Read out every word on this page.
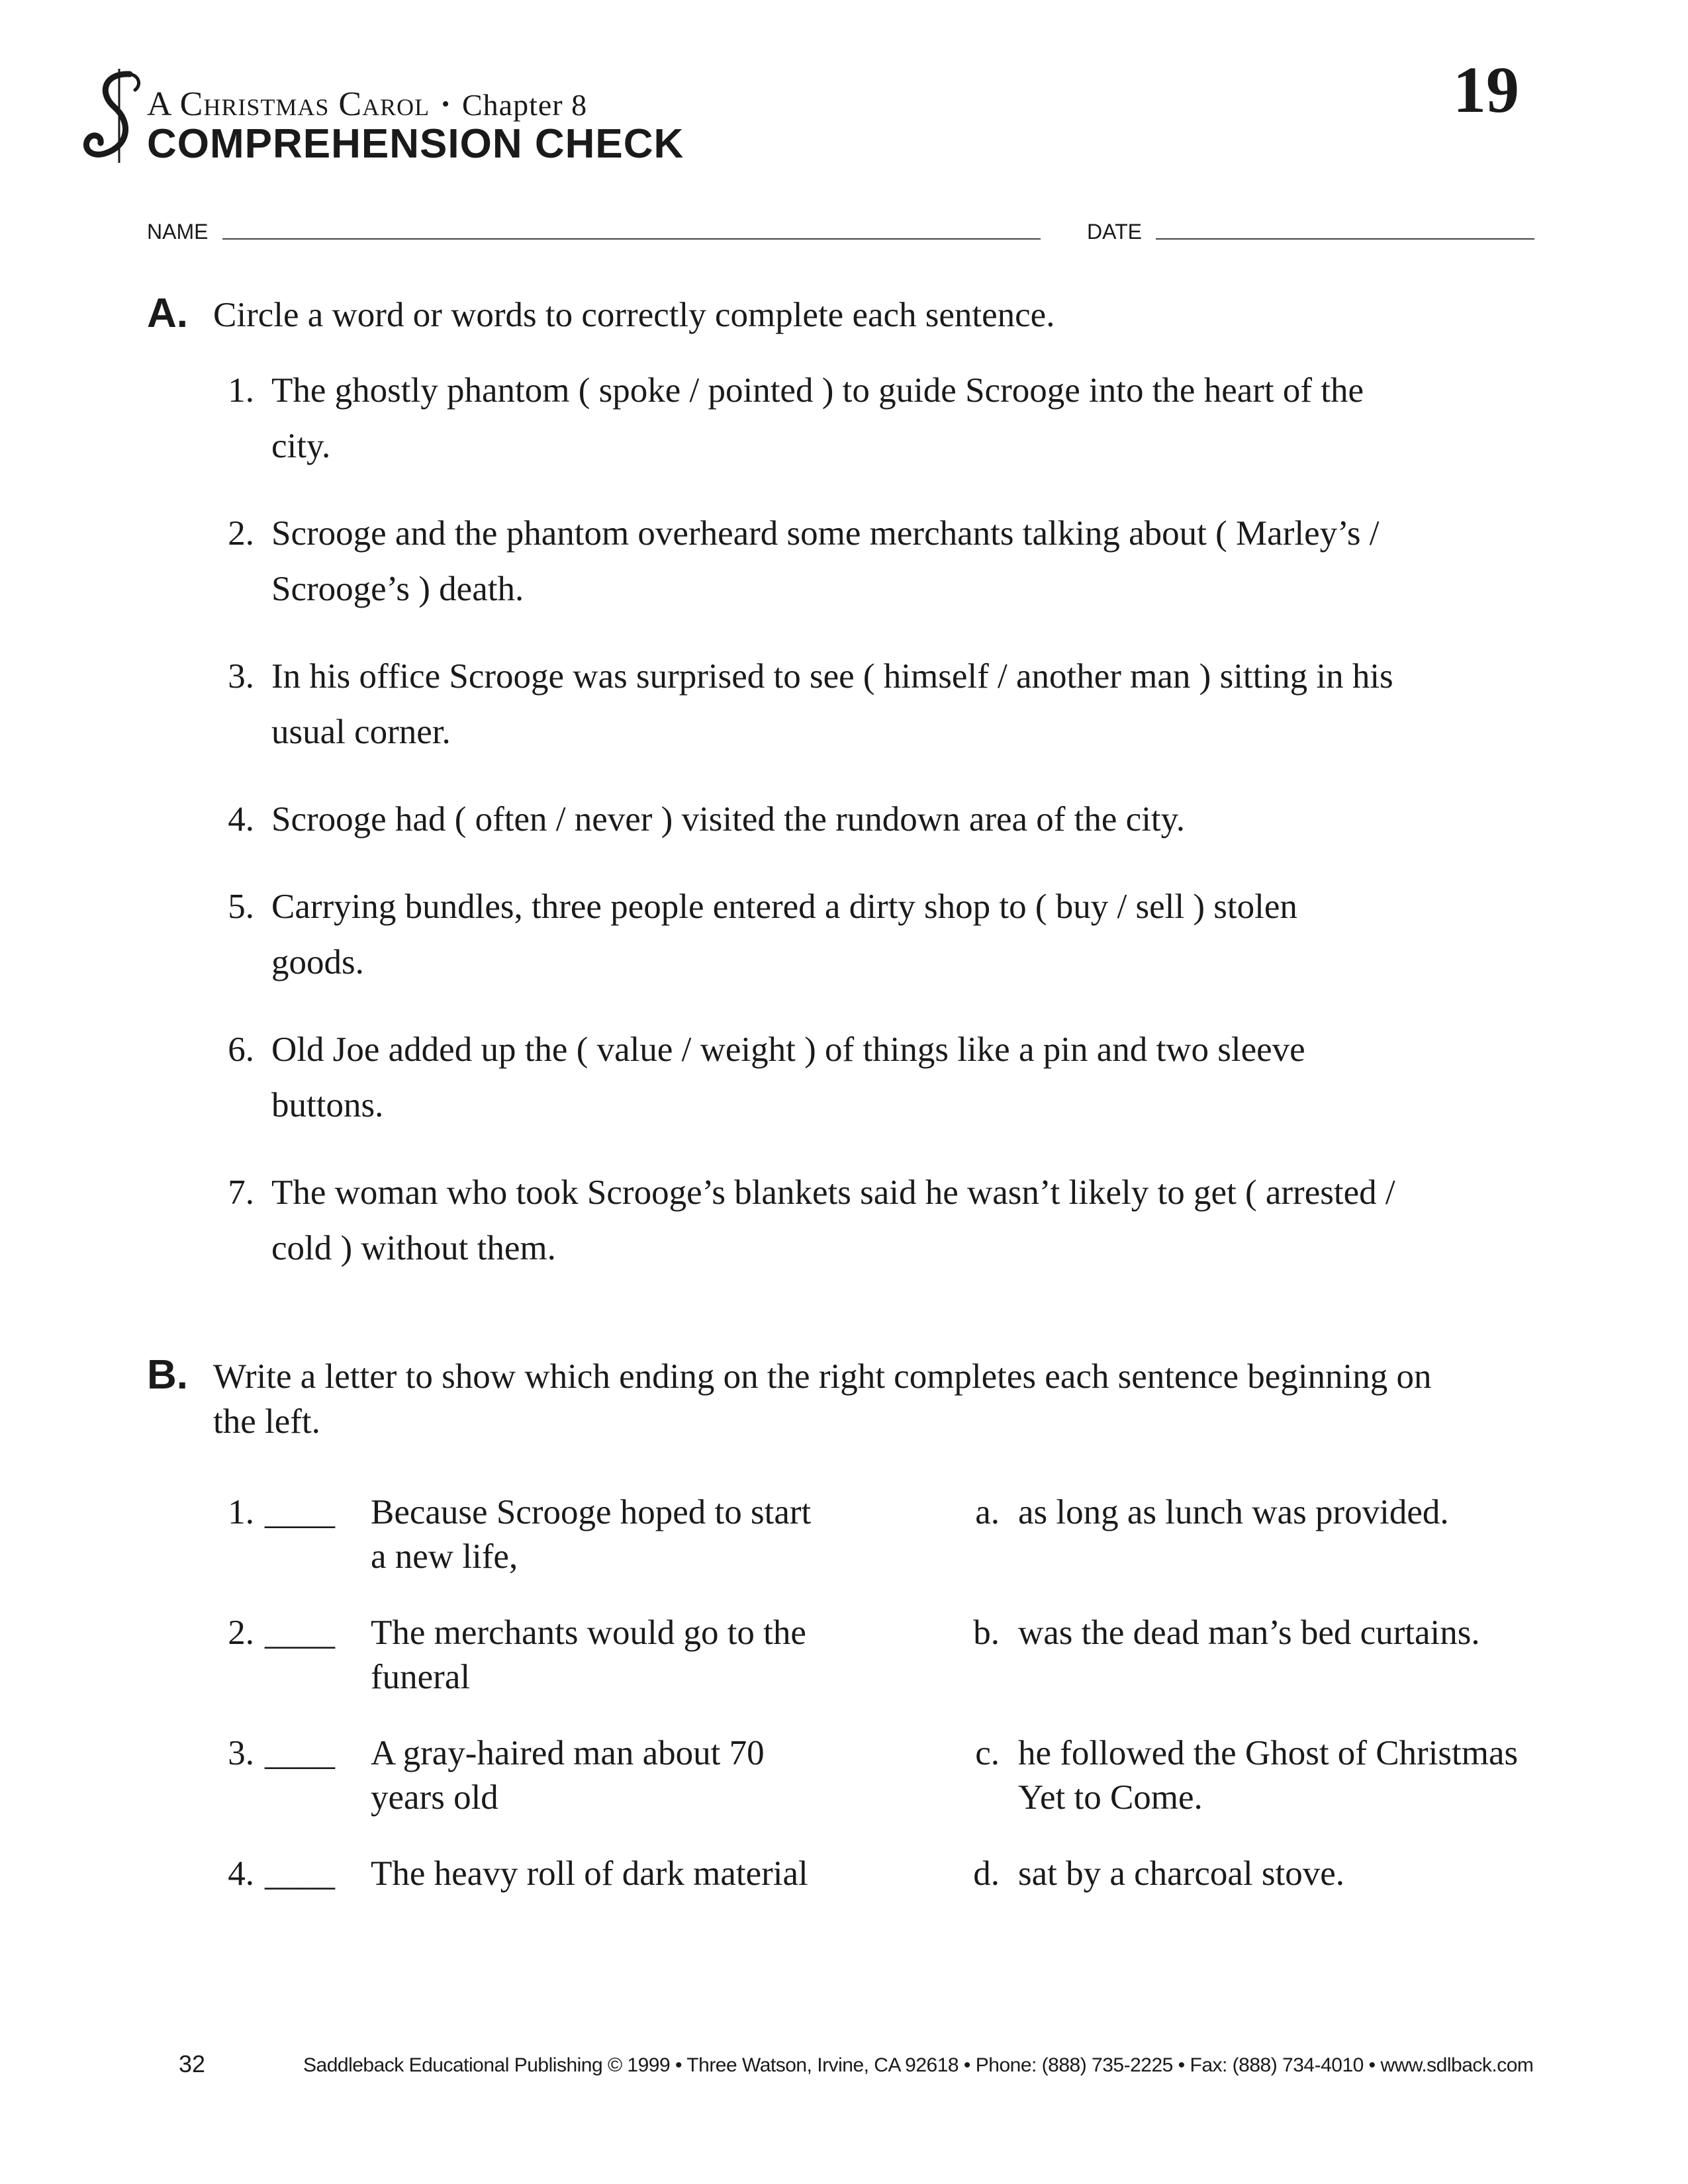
A Christmas Carol • Chapter 8
COMPREHENSION CHECK
19
NAME	DATE
A. Circle a word or words to correctly complete each sentence.
1. The ghostly phantom ( spoke / pointed ) to guide Scrooge into the heart of the city.
2. Scrooge and the phantom overheard some merchants talking about ( Marley’s / Scrooge’s ) death.
3. In his office Scrooge was surprised to see ( himself / another man ) sitting in his usual corner.
4. Scrooge had ( often / never ) visited the rundown area of the city.
5. Carrying bundles, three people entered a dirty shop to ( buy / sell ) stolen goods.
6. Old Joe added up the ( value / weight ) of things like a pin and two sleeve buttons.
7. The woman who took Scrooge’s blankets said he wasn’t likely to get ( arrested / cold ) without them.
B. Write a letter to show which ending on the right completes each sentence beginning on the left.
1. ____ Because Scrooge hoped to start a new life,
2. ____ The merchants would go to the funeral
3. ____ A gray-haired man about 70 years old
4. ____ The heavy roll of dark material
a. as long as lunch was provided.
b. was the dead man’s bed curtains.
c. he followed the Ghost of Christmas Yet to Come.
d. sat by a charcoal stove.
32	Saddleback Educational Publishing © 1999 • Three Watson, Irvine, CA 92618 • Phone: (888) 735-2225 • Fax: (888) 734-4010 • www.sdlback.com
